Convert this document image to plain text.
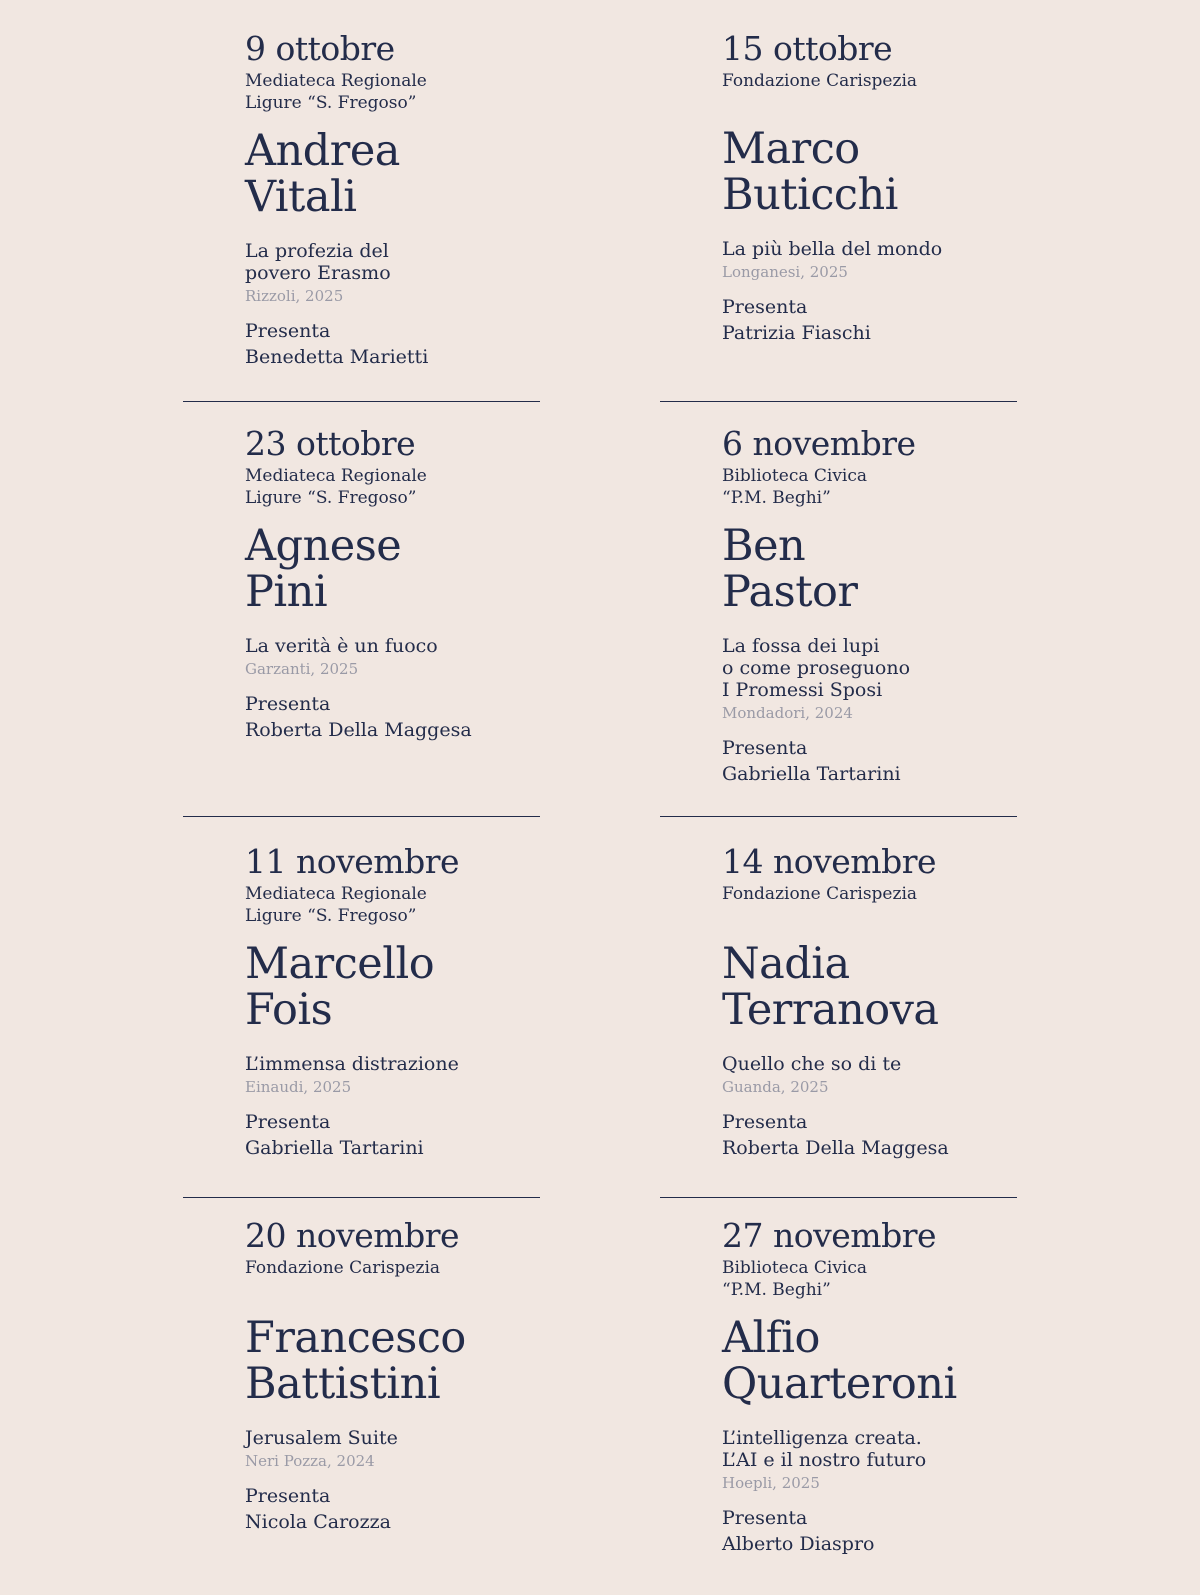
9 ottobre
Mediateca Regionale
Ligure “S. Fregoso”
Andrea
Vitali
La profezia del
povero Erasmo
Rizzoli, 2025
Presenta
Benedetta Marietti
15 ottobre
Fondazione Carispezia
Marco
Buticchi
La più bella del mondo
Longanesi, 2025
Presenta
Patrizia Fiaschi
23 ottobre
Mediateca Regionale
Ligure “S. Fregoso”
Agnese
Pini
La verità è un fuoco
Garzanti, 2025
Presenta
Roberta Della Maggesa
6 novembre
Biblioteca Civica
“P.M. Beghi”
Ben
Pastor
La fossa dei lupi
o come proseguono
I Promessi Sposi
Mondadori, 2024
Presenta
Gabriella Tartarini
11 novembre
Mediateca Regionale
Ligure “S. Fregoso”
Marcello
Fois
L’immensa distrazione
Einaudi, 2025
Presenta
Gabriella Tartarini
14 novembre
Fondazione Carispezia
Nadia
Terranova
Quello che so di te
Guanda, 2025
Presenta
Roberta Della Maggesa
20 novembre
Fondazione Carispezia
Francesco
Battistini
Jerusalem Suite
Neri Pozza, 2024
Presenta
Nicola Carozza
27 novembre
Biblioteca Civica
“P.M. Beghi”
Alfio
Quarteroni
L’intelligenza creata.
L’AI e il nostro futuro
Hoepli, 2025
Presenta
Alberto Diaspro
